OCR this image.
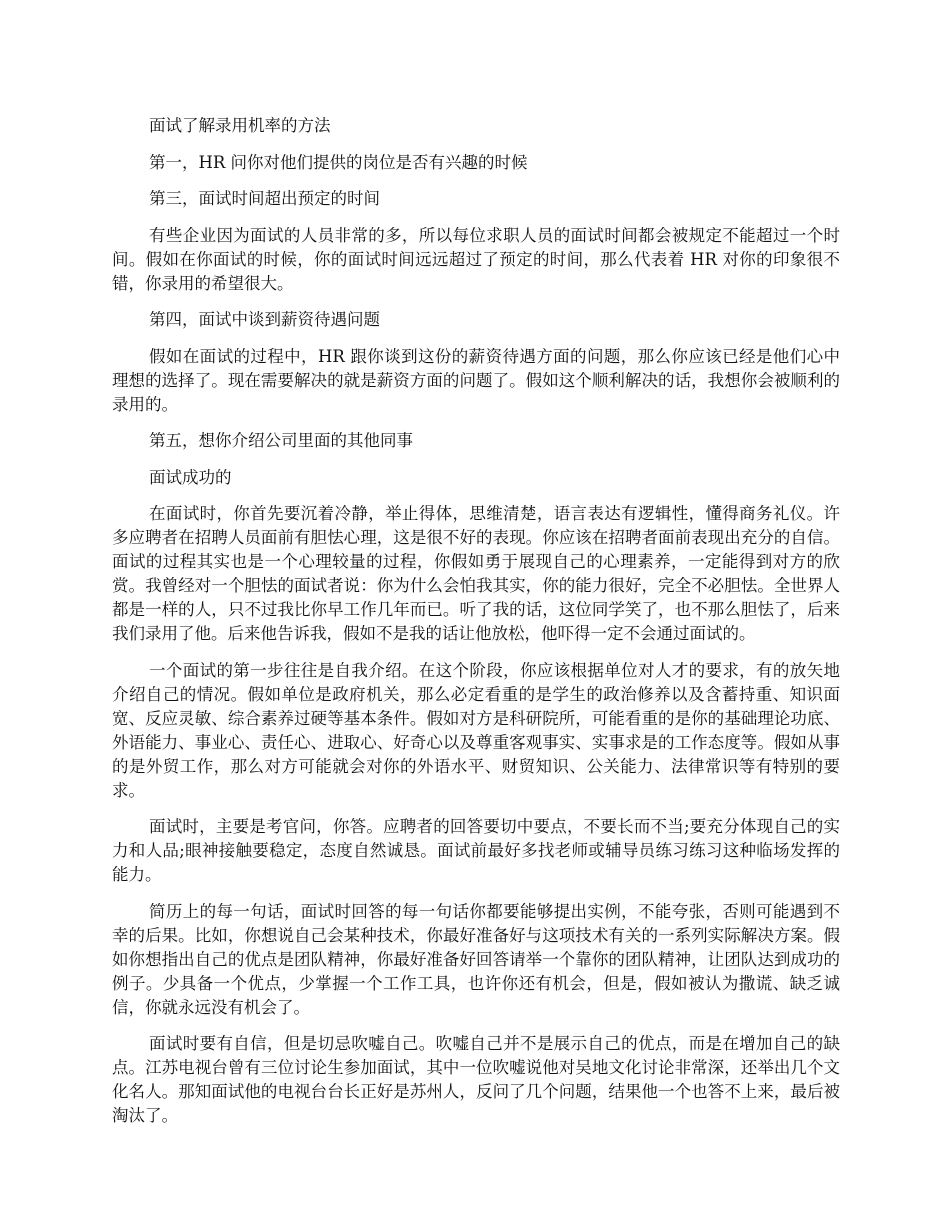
面试了解录用机率的方法

第一，HR 问你对他们提供的岗位是否有兴趣的时候

第三，面试时间超出预定的时间

有些企业因为面试的人员非常的多，所以每位求职人员的面试时间都会被规定不能超过一个时间。假如在你面试的时候，你的面试时间远远超过了预定的时间，那么代表着 HR 对你的印象很不错，你录用的希望很大。

第四，面试中谈到薪资待遇问题

假如在面试的过程中，HR 跟你谈到这份的薪资待遇方面的问题，那么你应该已经是他们心中理想的选择了。现在需要解决的就是薪资方面的问题了。假如这个顺利解决的话，我想你会被顺利的录用的。

第五，想你介绍公司里面的其他同事

面试成功的

在面试时，你首先要沉着冷静，举止得体，思维清楚，语言表达有逻辑性，懂得商务礼仪。许多应聘者在招聘人员面前有胆怯心理，这是很不好的表现。你应该在招聘者面前表现出充分的自信。面试的过程其实也是一个心理较量的过程，你假如勇于展现自己的心理素养，一定能得到对方的欣赏。我曾经对一个胆怯的面试者说：你为什么会怕我其实，你的能力很好，完全不必胆怯。全世界人都是一样的人，只不过我比你早工作几年而已。听了我的话，这位同学笑了，也不那么胆怯了，后来我们录用了他。后来他告诉我，假如不是我的话让他放松，他吓得一定不会通过面试的。

一个面试的第一步往往是自我介绍。在这个阶段，你应该根据单位对人才的要求，有的放矢地介绍自己的情况。假如单位是政府机关，那么必定看重的是学生的政治修养以及含蓄持重、知识面宽、反应灵敏、综合素养过硬等基本条件。假如对方是科研院所，可能看重的是你的基础理论功底、外语能力、事业心、责任心、进取心、好奇心以及尊重客观事实、实事求是的工作态度等。假如从事的是外贸工作，那么对方可能就会对你的外语水平、财贸知识、公关能力、法律常识等有特别的要求。

面试时，主要是考官问，你答。应聘者的回答要切中要点，不要长而不当;要充分体现自己的实力和人品;眼神接触要稳定，态度自然诚恳。面试前最好多找老师或辅导员练习练习这种临场发挥的能力。

简历上的每一句话，面试时回答的每一句话你都要能够提出实例，不能夸张，否则可能遇到不幸的后果。比如，你想说自己会某种技术，你最好准备好与这项技术有关的一系列实际解决方案。假如你想指出自己的优点是团队精神，你最好准备好回答请举一个靠你的团队精神，让团队达到成功的例子。少具备一个优点，少掌握一个工作工具，也许你还有机会，但是，假如被认为撒谎、缺乏诚信，你就永远没有机会了。

面试时要有自信，但是切忌吹嘘自己。吹嘘自己并不是展示自己的优点，而是在增加自己的缺点。江苏电视台曾有三位讨论生参加面试，其中一位吹嘘说他对吴地文化讨论非常深，还举出几个文化名人。那知面试他的电视台台长正好是苏州人，反问了几个问题，结果他一个也答不上来，最后被淘汰了。
